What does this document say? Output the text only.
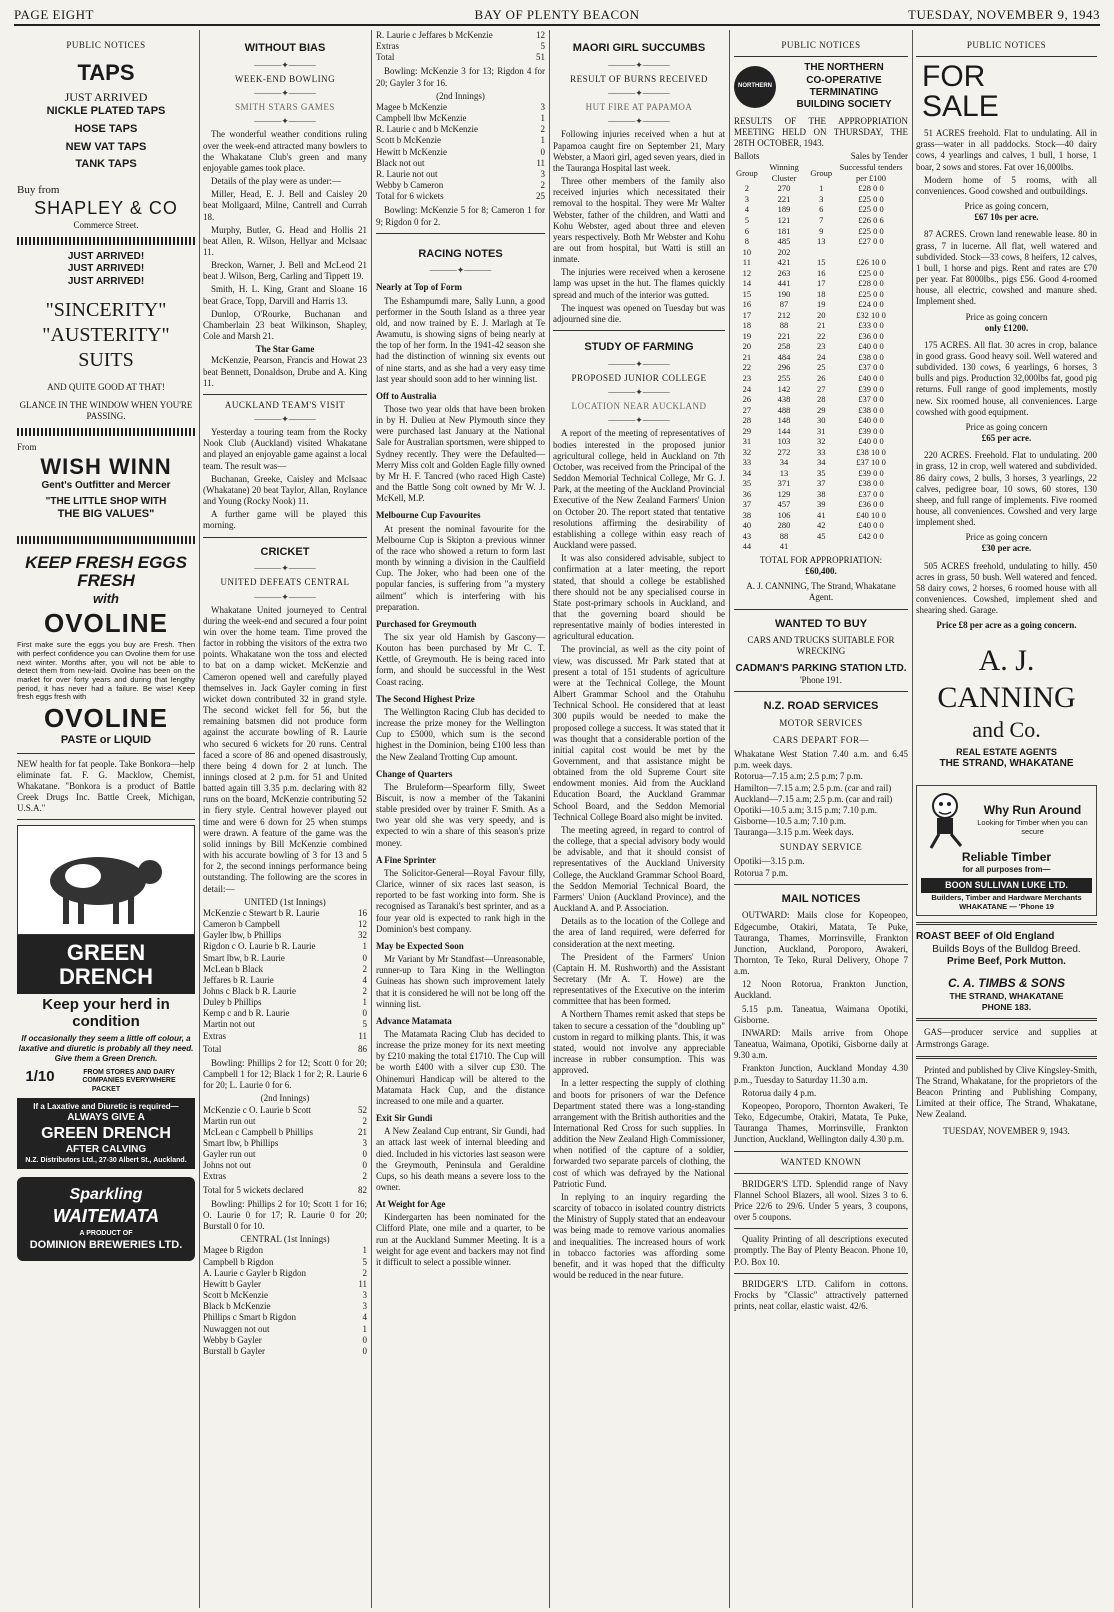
PAGE EIGHT	BAY OF PLENTY BEACON	TUESDAY, NOVEMBER 9, 1943
PUBLIC NOTICES
TAPS
JUST ARRIVED
NICKLE PLATED TAPS
HOSE TAPS
NEW VAT TAPS
TANK TAPS
Buy from
SHAPLEY & CO
Commerce Street.
JUST ARRIVED!
JUST ARRIVED!
JUST ARRIVED!
"SINCERITY"
"AUSTERITY"
SUITS
AND QUITE GOOD AT THAT!
GLANCE IN THE WINDOW WHEN YOU'RE PASSING.
From
WISH WINN
Gent's Outfitter and Mercer
"THE LITTLE SHOP WITH
THE BIG VALUES"
KEEP FRESH EGGS FRESH
with
OVOLINE
First make sure the eggs you buy are Fresh. Then with perfect confidence you can Ovoline them for use next winter. Months after, you will not be able to detect them from new-laid. Ovoline has been on the market for over forty years and during that lengthy period, it has never had a failure. Be wise! Keep fresh eggs fresh with
OVOLINE
PASTE or LIQUID
NEW health for fat people. Take Bonkora—help eliminate fat. F. G. Macklow, Chemist, Whakatane. "Bonkora is a product of Battle Creek Drugs Inc. Battle Creek, Michigan, U.S.A."
GREEN DRENCH
Keep your herd in condition
If occasionally they seem a little off colour, a laxative and diuretic is probably all they need. Give them a Green Drench.
1/10	FROM STORES AND DAIRY COMPANIES EVERYWHERE
PACKET
If a Laxative and Diuretic is required—
ALWAYS GIVE A
GREEN DRENCH
AFTER CALVING
N.Z. Distributors Ltd., 27-30 Albert St., Auckland.
Sparkling
WAITEMATA
A PRODUCT OF
DOMINION BREWERIES LTD.
WITHOUT BIAS
———✦———
WEEK-END BOWLING
———✦———
SMITH STARS GAMES
———✦———

The wonderful weather conditions ruling over the week-end attracted many bowlers to the Whakatane Club's green and many enjoyable games took place.

Details of the play were as under:—

Miller, Head, E. J. Bell and Caisley 20 beat Mollgaard, Milne, Cantrell and Currah 18.

Murphy, Butler, G. Head and Hollis 21 beat Allen, R. Wilson, Hellyar and Mclsaac 11.

Breckon, Warner, J. Bell and McLeod 21 beat J. Wilson, Berg, Carling and Tippett 19.

Smith, H. L. King, Grant and Sloane 16 beat Grace, Topp, Darvill and Harris 13.

Dunlop, O'Rourke, Buchanan and Chamberlain 23 beat Wilkinson, Shapley, Cole and Marsh 21.

The Star Game

McKenzie, Pearson, Francis and Howat 23 beat Bennett, Donaldson, Drube and A. King 11.

AUCKLAND TEAM'S VISIT
———✦———

Yesterday a touring team from the Rocky Nook Club (Auckland) visited Whakatane and played an enjoyable game against a local team. The result was—

Buchanan, Greeke, Caisley and McIsaac (Whakatane) 20 beat Taylor, Allan, Roylance and Young (Rocky Nook) 11.

A further game will be played this morning.

CRICKET
———✦———
UNITED DEFEATS CENTRAL
———✦———

Whakatane United journeyed to Central during the week-end and secured a four point win over the home team. Time proved the factor in robbing the visitors of the extra two points. Whakatane won the toss and elected to bat on a damp wicket. McKenzie and Cameron opened well and carefully played themselves in. Jack Gayler coming in first wicket down contributed 32 in grand style. The second wicket fell for 56, but the remaining batsmen did not produce form against the accurate bowling of R. Laurie who secured 6 wickets for 20 runs. Central faced a score of 86 and opened disastrously, there being 4 down for 2 at lunch. The innings closed at 2 p.m. for 51 and United batted again till 3.35 p.m. declaring with 82 runs on the board, McKenzie contributing 52 in fiery style. Central however played out time and were 6 down for 25 when stumps were drawn. A feature of the game was the solid innings by Bill McKenzie combined with his accurate bowling of 3 for 13 and 5 for 2, the second innings performance being outstanding. The following are the scores in detail:—

UNITED (1st Innings)
McKenzie c Stewart b R. Laurie	16
Cameron b Campbell	12
Gayler lbw, b Phillips	32
Rigdon c O. Laurie b R. Laurie	1
Smart lbw, b R. Laurie	0
McLean b Black	2
Jeffares b R. Laurie	4
Johns c Black b R. Laurie	2
Duley b Phillips	1
Kemp c and b R. Laurie	0
Martin not out	5
Extras	11
Total	86

Bowling: Phillips 2 for 12; Scott 0 for 20; Campbell 1 for 12; Black 1 for 2; R. Laurie 6 for 20; L. Laurie 0 for 6.

(2nd Innings)
McKenzie c O. Laurie b Scott	52
Martin run out	2
McLean c Campbell b Phillips	21
Smart lbw, b Phillips	3
Gayler run out	0
Johns not out	0
Extras	2
Total for 5 wickets declared	82

Bowling: Phillips 2 for 10; Scott 1 for 16; O. Laurie 0 for 17; R. Laurie 0 for 20; Burstall 0 for 10.

CENTRAL (1st Innings)
Magee b Rigdon	1
Campbell b Rigdon	5
A. Laurie c Gayler b Rigdon	2
Hewitt b Gayler	11
Scott b McKenzie	3
Black b McKenzie	3
Phillips c Smart b Rigdon	4
Nuwaggen not out	1
Webby b Gayler	0
Burstall b Gayler	0
R. Laurie c Jeffares b McKenzie	12
Extras	5
Total	51

Bowling: McKenzie 3 for 13; Rigdon 4 for 20; Gayler 3 for 16.

(2nd Innings)
Magee b McKenzie	3
Campbell lbw McKenzie	1
R. Laurie c and b McKenzie	2
Scott b McKenzie	1
Hewitt b McKenzie	0
Black not out	11
R. Laurie not out	3
Webby b Cameron	2
Total for 6 wickets	25

Bowling: McKenzie 5 for 8; Cameron 1 for 9; Rigdon 0 for 2.

RACING NOTES
———✦———

Nearly at Top of Form

The Eshampumdi mare, Sally Lunn, a good performer in the South Island as a three year old, and now trained by E. J. Marlagh at Te Awamutu, is showing signs of being nearly at the top of her form. In the 1941-42 season she had the distinction of winning six events out of nine starts, and as she had a very easy time last year should soon add to her winning list.

Off to Australia

Those two year olds that have been broken in by H. Dulieu at New Plymouth since they were purchased last January at the National Sale for Australian sportsmen, were shipped to Sydney recently. They were the Defaulted—Merry Miss colt and Golden Eagle filly owned by Mr H. F. Tancred (who raced High Caste) and the Battle Song colt owned by Mr W. J. McKell, M.P.

Melbourne Cup Favourites

At present the nominal favourite for the Melbourne Cup is Skipton a previous winner of the race who showed a return to form last month by winning a division in the Caulfield Cup. The Joker, who had been one of the popular fancies, is suffering from "a mystery ailment" which is interfering with his preparation.

Purchased for Greymouth

The six year old Hamish by Gascony—Kouton has been purchased by Mr C. T. Kettle, of Greymouth. He is being raced into form, and should be successful in the West Coast racing.

The Second Highest Prize

The Wellington Racing Club has decided to increase the prize money for the Wellington Cup to £5000, which sum is the second highest in the Dominion, being £100 less than the New Zealand Trotting Cup amount.

Change of Quarters

The Bruleform—Spearform filly, Sweet Biscuit, is now a member of the Takanini stable presided over by trainer F. Smith. As a two year old she was very speedy, and is expected to win a share of this season's prize money.

A Fine Sprinter

The Solicitor-General—Royal Favour filly, Clarice, winner of six races last season, is reported to be fast working into form. She is recognised as Taranaki's best sprinter, and as a four year old is expected to rank high in the Dominion's best company.

May be Expected Soon

Mr Variant by Mr Standfast—Unreasonable, runner-up to Tara King in the Wellington Guineas has shown such improvement lately that it is considered he will not be long off the winning list.

Advance Matamata

The Matamata Racing Club has decided to increase the prize money for its next meeting by £210 making the total £1710. The Cup will be worth £400 with a silver cup £30. The Ohinemuri Handicap will be altered to the Matamata Hack Cup, and the distance increased to one mile and a quarter.

Exit Sir Gundi

A New Zealand Cup entrant, Sir Gundi, had an attack last week of internal bleeding and died. Included in his victories last season were the Greymouth, Peninsula and Geraldine Cups, so his death means a severe loss to the owner.

At Weight for Age

Kindergarten has been nominated for the Clifford Plate, one mile and a quarter, to be run at the Auckland Summer Meeting. It is a weight for age event and backers may not find it difficult to select a possible winner.

MAORI GIRL SUCCUMBS
———✦———
RESULT OF BURNS RECEIVED
———✦———
HUT FIRE AT PAPAMOA
———✦———

Following injuries received when a hut at Papamoa caught fire on September 21, Mary Webster, a Maori girl, aged seven years, died in the Tauranga Hospital last week.

Three other members of the family also received injuries which necessitated their removal to the hospital. They were Mr Walter Webster, father of the children, and Watti and Kohu Webster, aged about three and eleven years respectively. Both Mr Webster and Kohu are out from hospital, but Watti is still an inmate.

The injuries were received when a kerosene lamp was upset in the hut. The flames quickly spread and much of the interior was gutted.

The inquest was opened on Tuesday but was adjourned sine die.

STUDY OF FARMING
———✦———
PROPOSED JUNIOR COLLEGE
———✦———
LOCATION NEAR AUCKLAND
———✦———

A report of the meeting of representatives of bodies interested in the proposed junior agricultural college, held in Auckland on 7th October, was received from the Principal of the Seddon Memorial Technical College, Mr G. J. Park, at the meeting of the Auckland Provincial Executive of the New Zealand Farmers' Union on October 20. The report stated that tentative resolutions affirming the desirability of establishing a college within easy reach of Auckland were passed.

It was also considered advisable, subject to confirmation at a later meeting, the report stated, that should a college be established there should not be any specialised course in State post-primary schools in Auckland, and that the governing board should be representative mainly of bodies interested in agricultural education.

The provincial, as well as the city point of view, was discussed. Mr Park stated that at present a total of 151 students of agriculture were at the Technical College, the Mount Albert Grammar School and the Otahuhu Technical School. He considered that at least 300 pupils would be needed to make the proposed college a success. It was stated that it was thought that a considerable portion of the initial capital cost would be met by the Government, and that assistance might be obtained from the old Supreme Court site endowment monies. Aid from the Auckland Education Board, the Auckland Grammar School Board, and the Seddon Memorial Technical College Board also might be invited.

The meeting agreed, in regard to control of the college, that a special advisory body would be advisable, and that it should consist of representatives of the Auckland University College, the Auckland Grammar School Board, the Seddon Memorial Technical Board, the Farmers' Union (Auckland Province), and the Auckland A. and P. Association.

Details as to the location of the College and the area of land required, were deferred for consideration at the next meeting.

The President of the Farmers' Union (Captain H. M. Rushworth) and the Assistant Secretary (Mr A. T. Howe) are the representatives of the Executive on the interim committee that has been formed.

A Northern Thames remit asked that steps be taken to secure a cessation of the "doubling up" custom in regard to milking plants. This, it was stated, would not involve any appreciable increase in rubber consumption. This was approved.

In a letter respecting the supply of clothing and boots for prisoners of war the Defence Department stated there was a long-standing arrangement with the British authorities and the International Red Cross for such supplies. In addition the New Zealand High Commissioner, when notified of the capture of a soldier, forwarded two separate parcels of clothing, the cost of which was defrayed by the National Patriotic Fund.

In replying to an inquiry regarding the scarcity of tobacco in isolated country districts the Ministry of Supply stated that an endeavour was being made to remove various anomalies and inequalities. The increased hours of work in tobacco factories was affording some benefit, and it was hoped that the difficulty would be reduced in the near future.

PUBLIC NOTICES
NORTHERN
THE NORTHERN
CO-OPERATIVE
TERMINATING
BUILDING SOCIETY

RESULTS OF THE APPROPRIATION MEETING HELD ON THURSDAY, THE 28TH OCTOBER, 1943.

Ballots	Sales by Tender
Group	Winning Cluster	Group	Successful tenders per £100
2	270	1	£28 0 0
3	221	3	£25 0 0
4	189	6	£25 0 0
5	121	7	£26 0 6
6	181	9	£25 0 0
8	485	13	£27 0 0
10	202		
11	421	15	£26 10 0
12	263	16	£25 0 0
14	441	17	£28 0 0
15	190	18	£25 0 0
16	87	19	£24 0 0
17	212	20	£32 10 0
18	88	21	£33 0 0
19	221	22	£36 0 0
20	258	23	£40 0 0
21	484	24	£38 0 0
22	296	25	£37 0 0
23	255	26	£40 0 0
24	142	27	£39 0 0
26	438	28	£37 0 0
27	488	29	£38 0 0
28	148	30	£40 0 0
29	144	31	£39 0 0
31	103	32	£40 0 0
32	272	33	£38 10 0
33	34	34	£37 10 0
34	13	35	£39 0 0
35	371	37	£38 0 0
36	129	38	£37 0 0
37	457	39	£36 0 0
38	106	41	£40 10 0
40	280	42	£40 0 0
43	88	45	£42 0 0
44	41		
TOTAL FOR APPROPRIATION:
£60,400.
A. J. CANNING, The Strand, Whakatane Agent.
WANTED TO BUY
CARS AND TRUCKS SUITABLE FOR WRECKING
CADMAN'S PARKING STATION LTD.
'Phone 191.
N.Z. ROAD SERVICES
MOTOR SERVICES
CARS DEPART FOR—
Whakatane West Station 7.40 a.m. and 6.45 p.m. week days.
Rotorua—7.15 a.m; 2.5 p.m; 7 p.m.
Hamilton—7.15 a.m; 2.5 p.m. (car and rail)
Auckland—7.15 a.m; 2.5 p.m. (car and rail)
Opotiki—10.5 a.m; 3.15 p.m; 7.10 p.m.
Gisborne—10.5 a.m; 7.10 p.m.
Tauranga—3.15 p.m. Week days.
SUNDAY SERVICE
Opotiki—3.15 p.m.
Rotorua 7 p.m.
MAIL NOTICES

OUTWARD: Mails close for Kopeopeo, Edgecumbe, Otakiri, Matata, Te Puke, Tauranga, Thames, Morrinsville, Frankton Junction, Auckland, Poroporo, Awakeri, Thornton, Te Teko, Rural Delivery, Ohope 7 a.m.

12 Noon Rotorua, Frankton Junction, Auckland.

5.15 p.m. Taneatua, Waimana Opotiki, Gisborne.

INWARD: Mails arrive from Ohope Taneatua, Waimana, Opotiki, Gisborne daily at 9.30 a.m.

Frankton Junction, Auckland Monday 4.30 p.m., Tuesday to Saturday 11.30 a.m.

Rotorua daily 4 p.m.

Kopeopeo, Poroporo, Thornton Awakeri, Te Teko, Edgecumbe, Otakiri, Matata, Te Puke, Tauranga Thames, Morrinsville, Frankton Junction, Auckland, Wellington daily 4.30 p.m.

WANTED KNOWN

BRIDGER'S LTD. Splendid range of Navy Flannel School Blazers, all wool. Sizes 3 to 6. Price 22/6 to 29/6. Under 5 years, 3 coupons, over 5 coupons.

Quality Printing of all descriptions executed promptly. The Bay of Plenty Beacon. Phone 10, P.O. Box 10.

BRIDGER'S LTD. Californ in cottons. Frocks by "Classic" attractively patterned prints, neat collar, elastic waist. 42/6.

PUBLIC NOTICES
FOR
SALE

51 ACRES freehold. Flat to undulating. All in grass—water in all paddocks. Stock—40 dairy cows, 4 yearlings and calves, 1 bull, 1 horse, 1 boar, 2 sows and stores. Fat over 16,000lbs.

Modern home of 5 rooms, with all conveniences. Good cowshed and outbuildings.

Price as going concern,
£67 10s per acre.

87 ACRES. Crown land renewable lease. 80 in grass, 7 in lucerne. All flat, well watered and subdivided. Stock—33 cows, 8 heifers, 12 calves, 1 bull, 1 horse and pigs. Rent and rates are £70 per year. Fat 8000lbs., pigs £56. Good 4-roomed house, all electric, cowshed and manure shed. Implement shed.

Price as going concern
only £1200.

175 ACRES. All flat. 30 acres in crop, balance in good grass. Good heavy soil. Well watered and subdivided. 130 cows, 6 yearlings, 6 horses, 3 bulls and pigs. Production 32,000lbs fat, good pig returns. Full range of good implements, mostly new. Six roomed house, all conveniences. Large cowshed with good equipment.

Price as going concern
£65 per acre.

220 ACRES. Freehold. Flat to undulating. 200 in grass, 12 in crop, well watered and subdivided. 86 dairy cows, 2 bulls, 3 horses, 3 yearlings, 22 calves, pedigree boar, 10 sows, 60 stores, 130 sheep, and full range of implements. Five roomed house, all conveniences. Cowshed and very large implement shed.

Price as going concern
£30 per acre.

505 ACRES freehold, undulating to hilly. 450 acres in grass, 50 bush. Well watered and fenced. 58 dairy cows, 2 horses, 6 roomed house with all conveniences. Cowshed, implement shed and shearing shed. Garage.

Price £8 per acre as a going concern.
A. J. CANNING
and Co.
REAL ESTATE AGENTS
THE STRAND, WHAKATANE
Why Run Around
Looking for Timber when you can secure
Reliable Timber
for all purposes from—
BOON SULLIVAN LUKE LTD.
Builders, Timber and Hardware Merchants
WHAKATANE — 'Phone 19
ROAST BEEF of Old England
Builds Boys of the Bulldog Breed.
Prime Beef, Pork Mutton.
C. A. TIMBS & SONS
THE STRAND, WHAKATANE
PHONE 183.

GAS—producer service and supplies at Armstrongs Garage.

Printed and published by Clive Kingsley-Smith, The Strand, Whakatane, for the proprietors of the Beacon Printing and Publishing Company, Limited at their office, The Strand, Whakatane, New Zealand.

TUESDAY, NOVEMBER 9, 1943.
